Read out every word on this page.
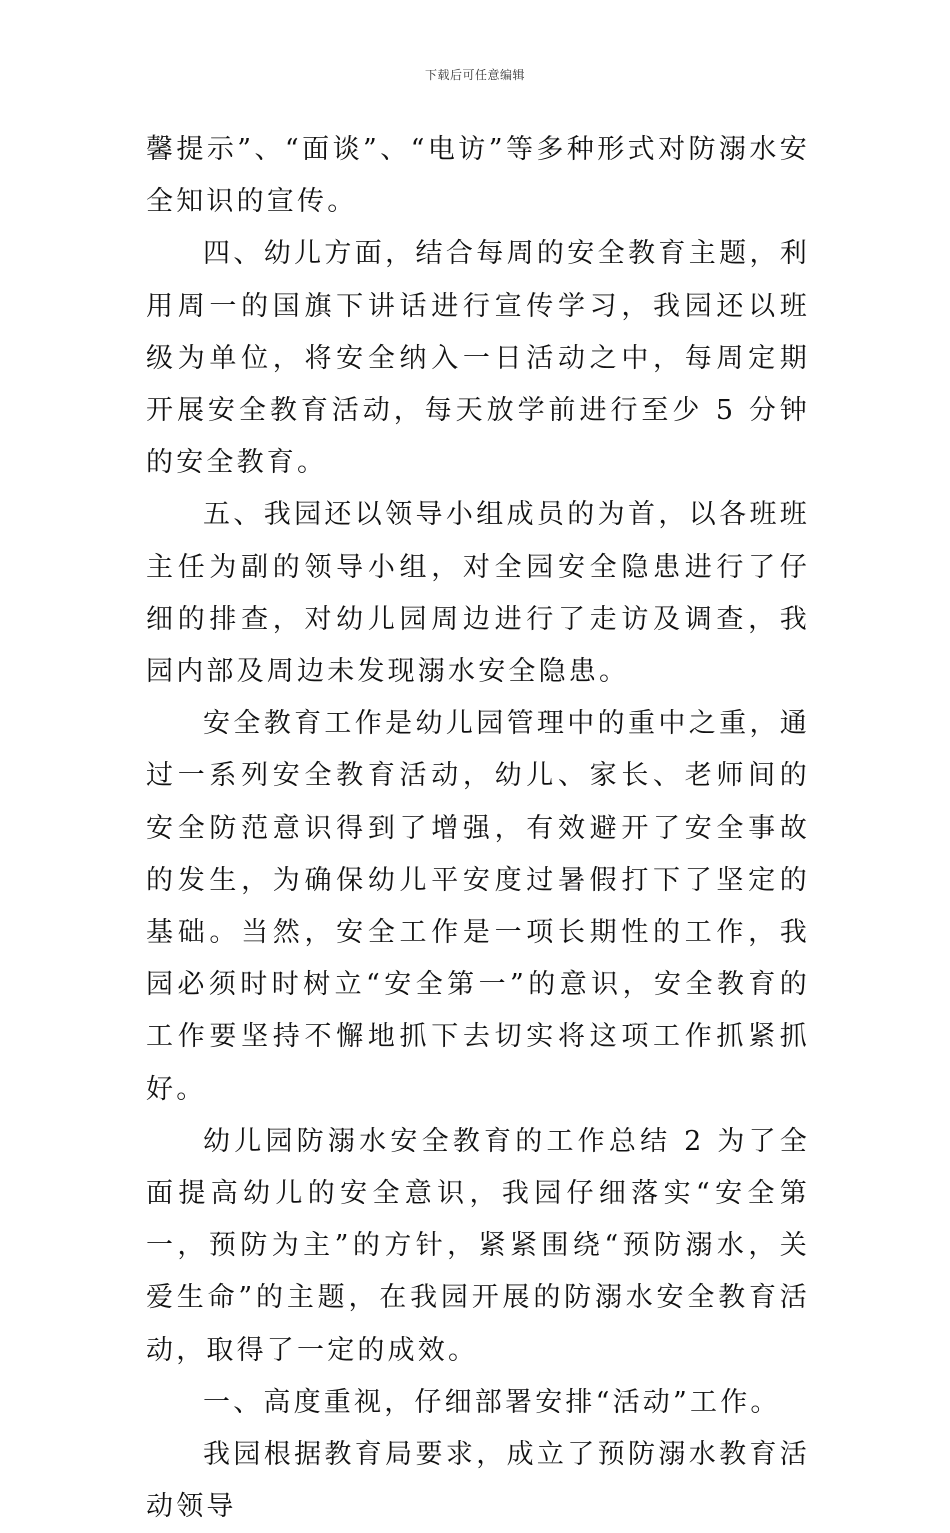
下载后可任意编辑

馨提示”、“面谈”、“电访”等多种形式对防溺水安全知识的宣传。

四、幼儿方面，结合每周的安全教育主题，利用周一的国旗下讲话进行宣传学习，我园还以班级为单位，将安全纳入一日活动之中，每周定期开展安全教育活动，每天放学前进行至少 5 分钟的安全教育。

五、我园还以领导小组成员的为首，以各班班主任为副的领导小组，对全园安全隐患进行了仔细的排查，对幼儿园周边进行了走访及调查，我园内部及周边未发现溺水安全隐患。

安全教育工作是幼儿园管理中的重中之重，通过一系列安全教育活动，幼儿、家长、老师间的安全防范意识得到了增强，有效避开了安全事故的发生，为确保幼儿平安度过暑假打下了坚定的基础。当然，安全工作是一项长期性的工作，我园必须时时树立“安全第一”的意识，安全教育的工作要坚持不懈地抓下去切实将这项工作抓紧抓好。

幼儿园防溺水安全教育的工作总结 2 为了全面提高幼儿的安全意识，我园仔细落实“安全第一，预防为主”的方针，紧紧围绕“预防溺水，关爱生命”的主题，在我园开展的防溺水安全教育活动，取得了一定的成效。

一、高度重视，仔细部署安排“活动”工作。

我园根据教育局要求，成立了预防溺水教育活动领导
